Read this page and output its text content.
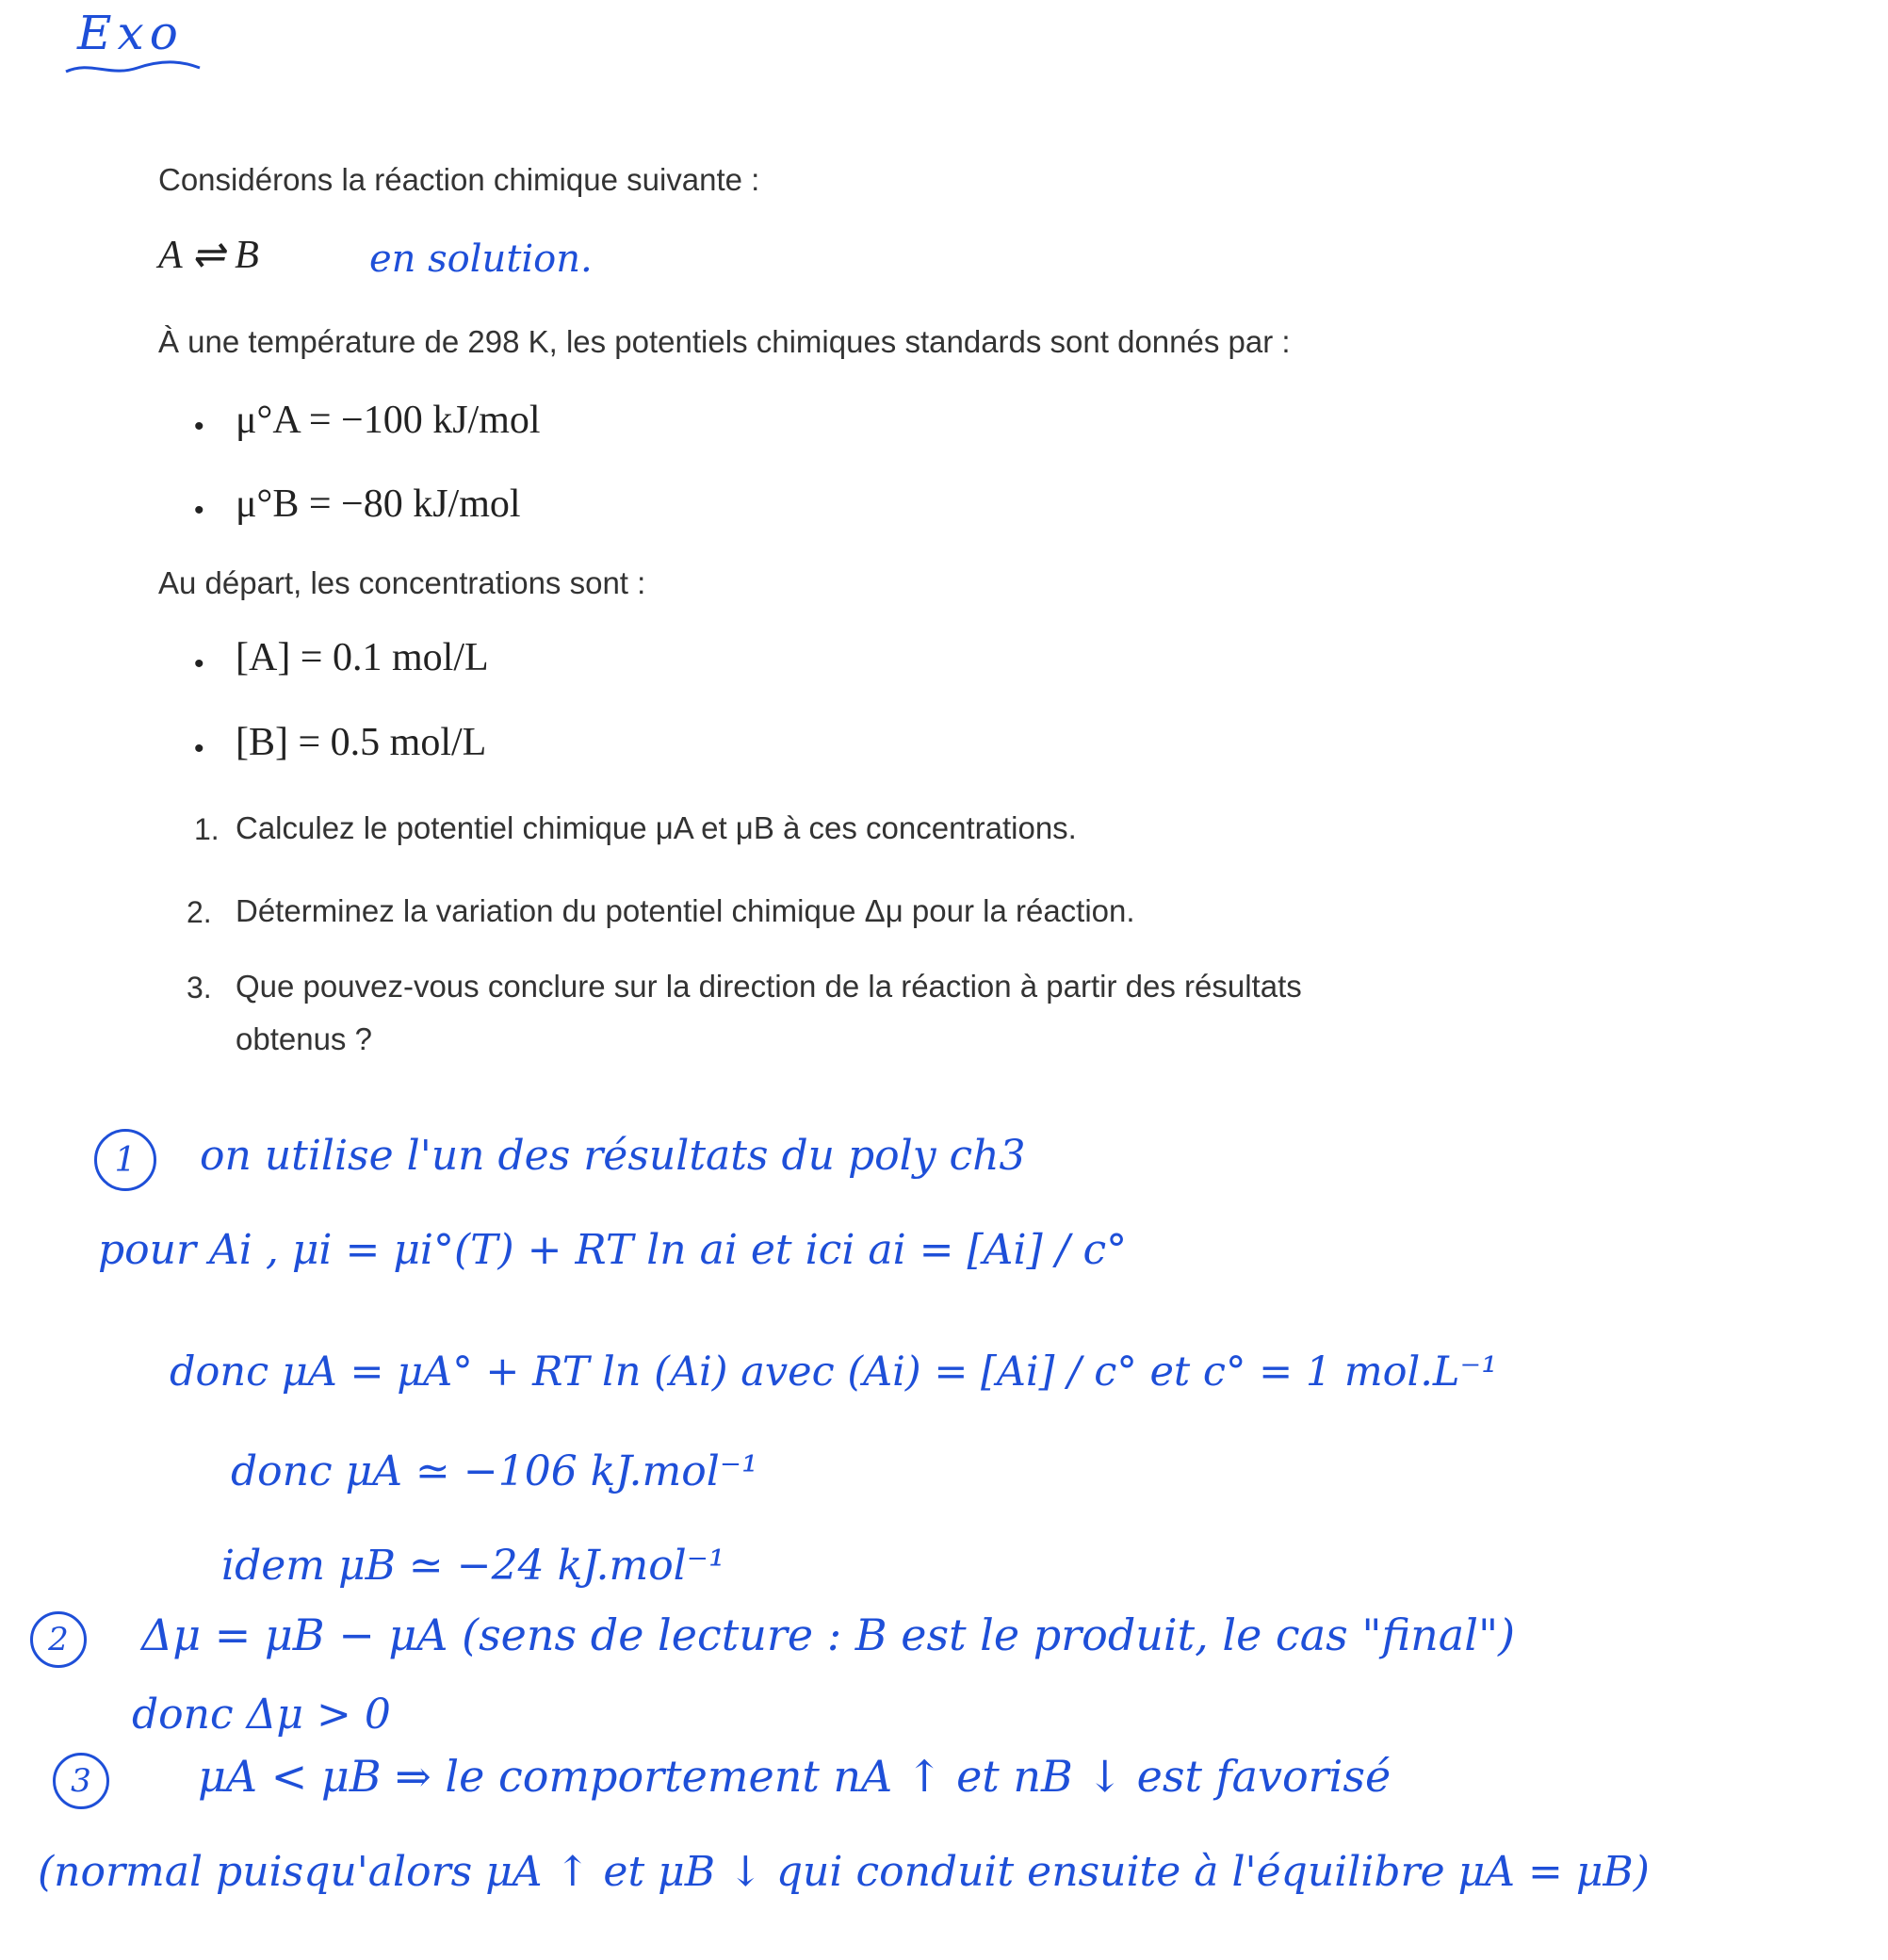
Exo
Considérons la réaction chimique suivante :
A ⇌ B	en solution.
À une température de 298 K, les potentiels chimiques standards sont donnés par :
• μ°A = −100 kJ/mol
• μ°B = −80 kJ/mol
Au départ, les concentrations sont :
• [A] = 0.1 mol/L
• [B] = 0.5 mol/L
1. Calculez le potentiel chimique μA et μB à ces concentrations.
2. Déterminez la variation du potentiel chimique Δμ pour la réaction.
3. Que pouvez-vous conclure sur la direction de la réaction à partir des résultats
obtenus ?
1	on utilise l'un des résultats du poly ch3
pour Ai , μi = μi°(T) + RT ln ai et ici ai = [Ai] / c°
donc μA = μA° + RT ln (Ai) avec (Ai) = [Ai] / c° et c° = 1 mol.L⁻¹
donc μA ≃ −106 kJ.mol⁻¹
idem μB ≃ −24 kJ.mol⁻¹
2	Δμ = μB − μA (sens de lecture : B est le produit, le cas "final")
donc Δμ > 0
3	μA < μB ⇒ le comportement nA ↑ et nB ↓ est favorisé
(normal puisqu'alors μA ↑ et μB ↓ qui conduit ensuite à l'équilibre μA = μB)
